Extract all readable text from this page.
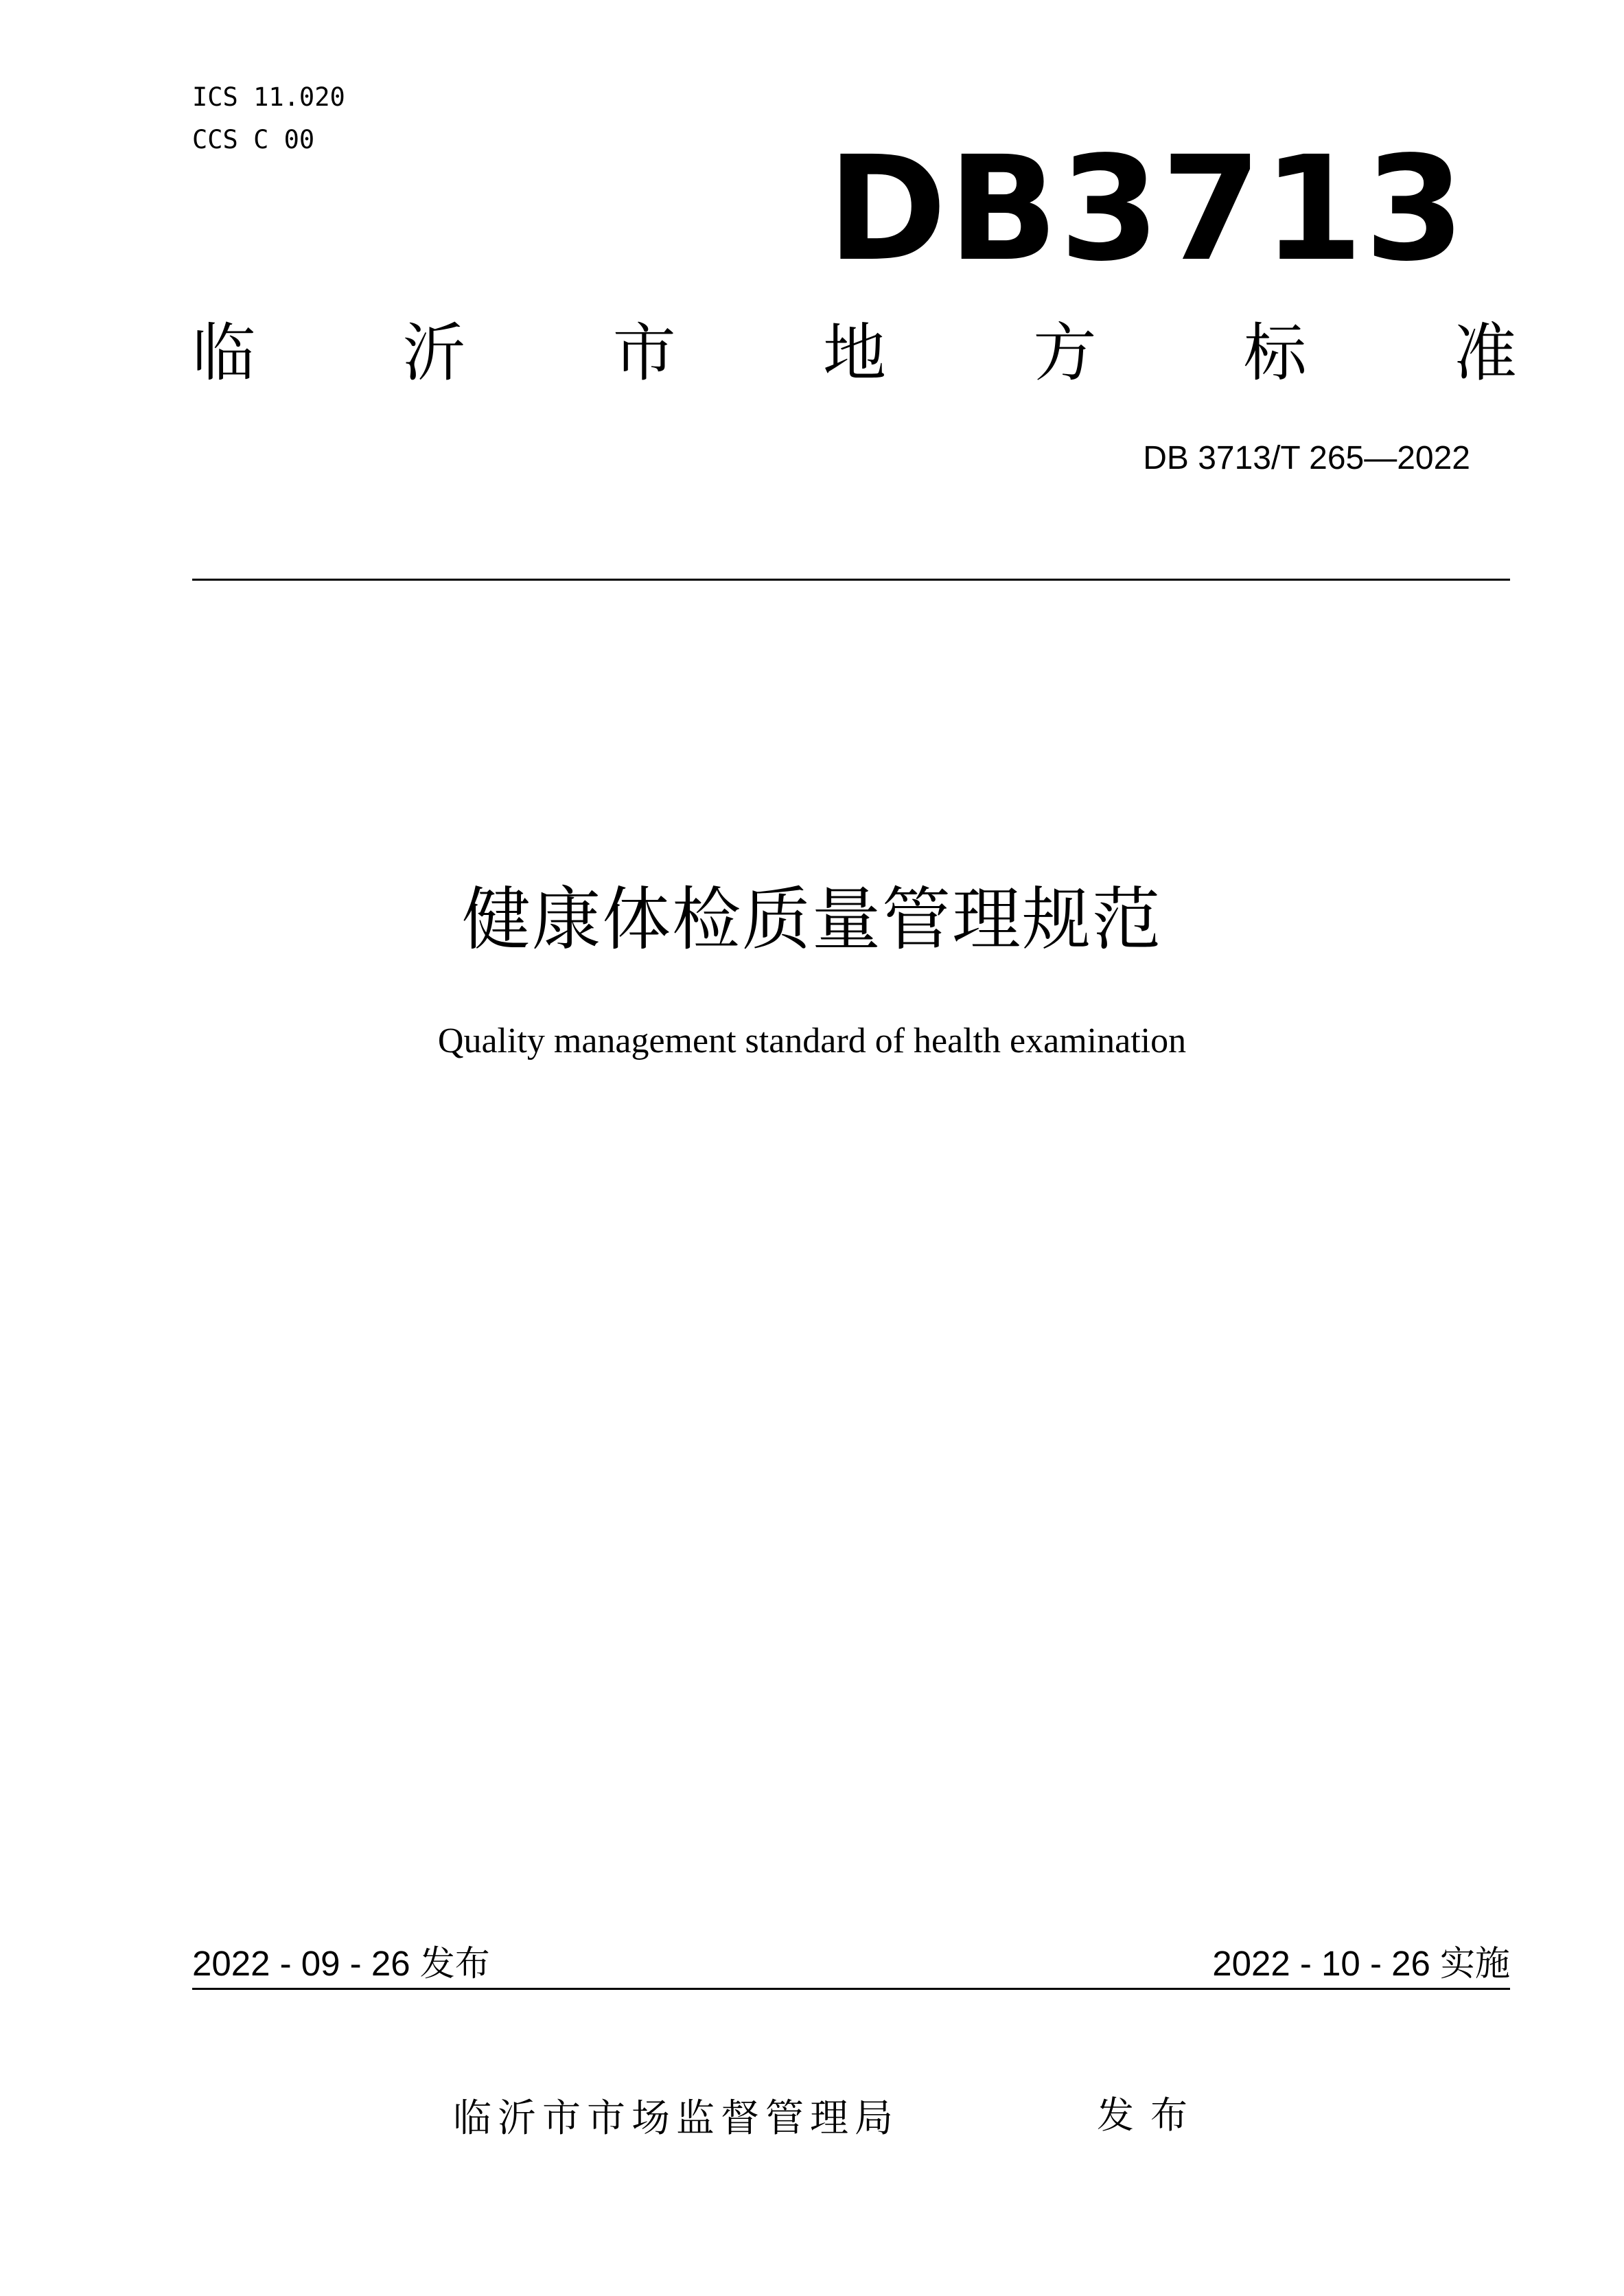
ICS 11.020
CCS C 00	DB3713
临 沂 市 地 方 标 准
DB 3713/T 265—2022
健康体检质量管理规范
Quality management standard of health examination
2022 - 09 - 26 发布	2022 - 10 - 26 实施
临沂市市场监督管理局	发布
